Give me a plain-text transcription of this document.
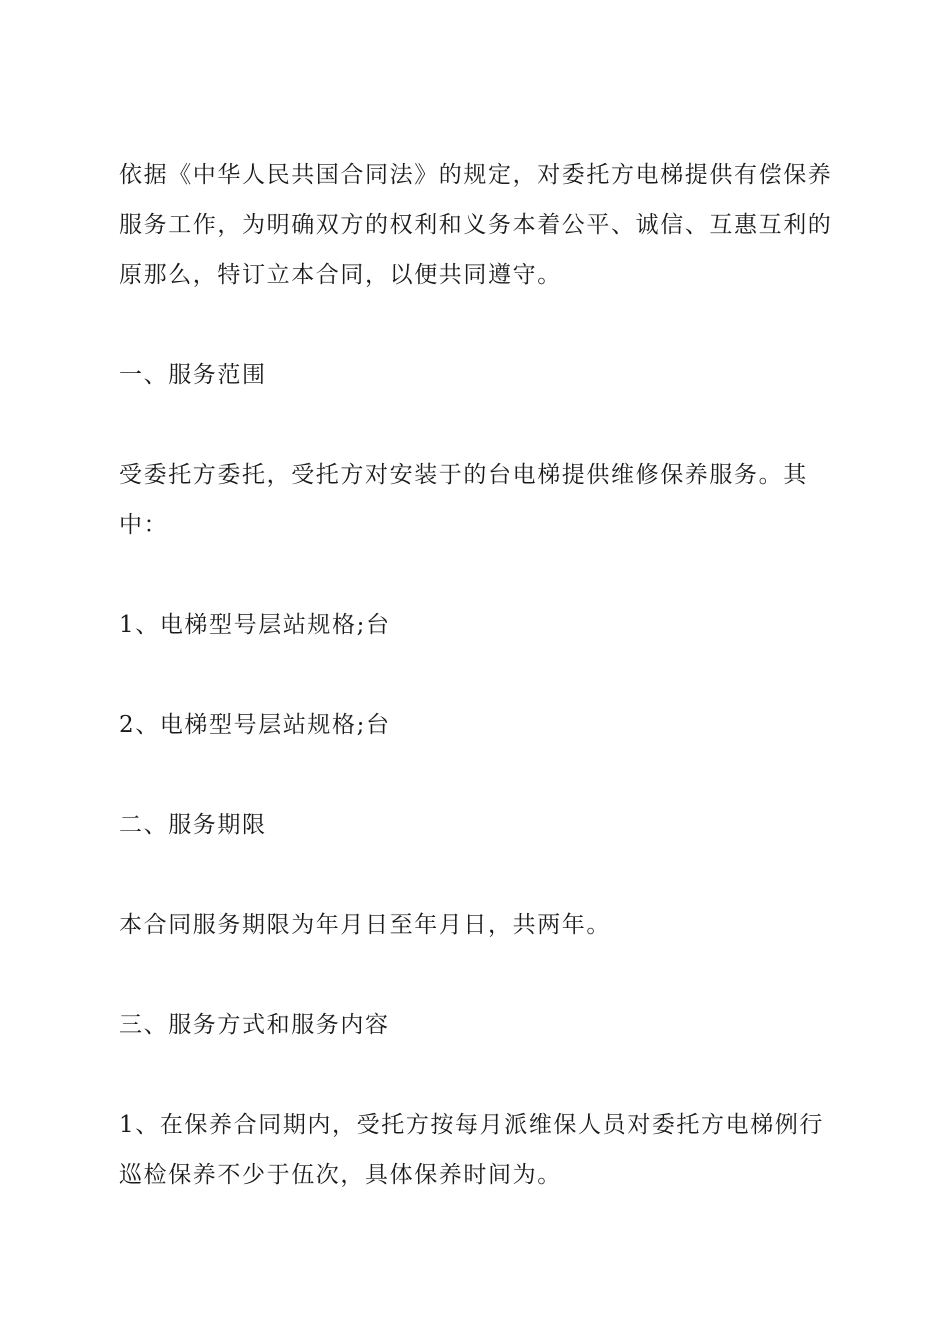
依据《中华人民共国合同法》的规定，对委托方电梯提供有偿保养服务工作，为明确双方的权利和义务本着公平、诚信、互惠互利的原那么，特订立本合同，以便共同遵守。

一、服务范围

受委托方委托，受托方对安装于的台电梯提供维修保养服务。其中：

1、电梯型号层站规格;台

2、电梯型号层站规格;台

二、服务期限

本合同服务期限为年月日至年月日，共两年。

三、服务方式和服务内容

1、在保养合同期内，受托方按每月派维保人员对委托方电梯例行巡检保养不少于伍次，具体保养时间为。
